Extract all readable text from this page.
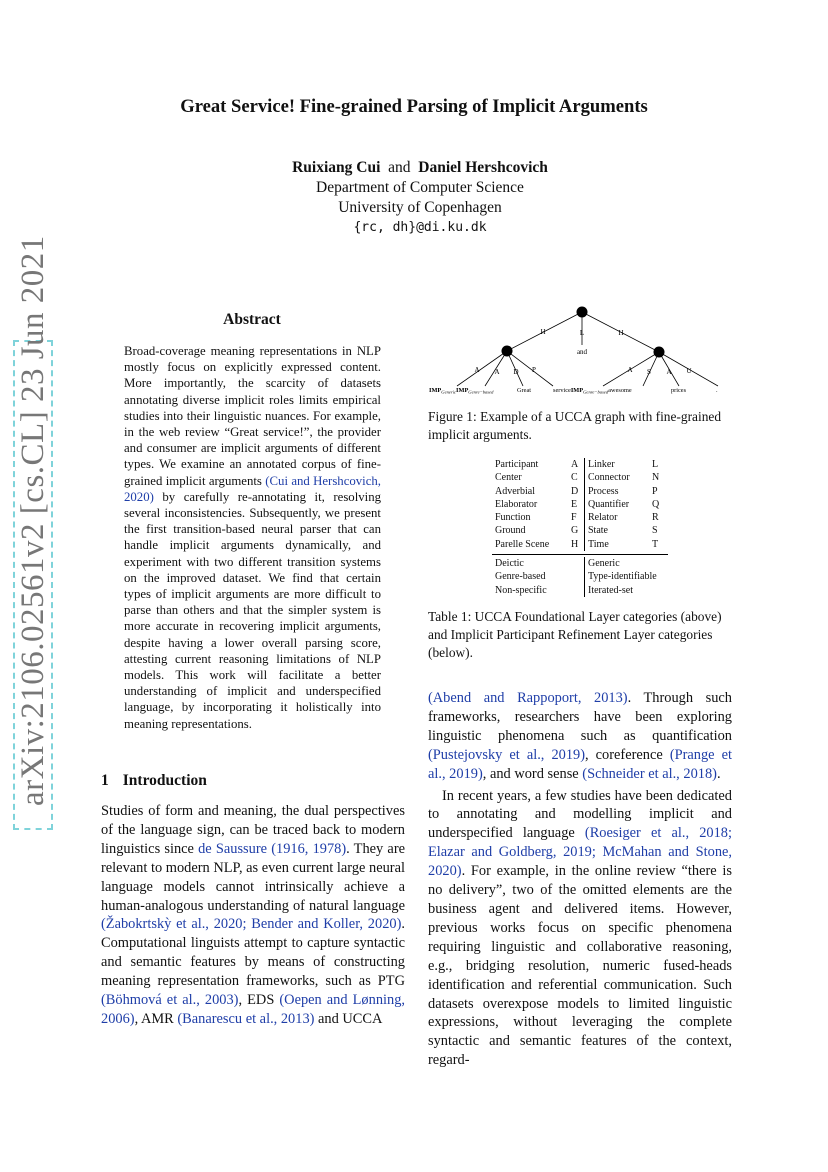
arXiv:2106.02561v2 [cs.CL] 23 Jun 2021
Great Service! Fine-grained Parsing of Implicit Arguments
Ruixiang Cui and Daniel Hershcovich
Department of Computer Science
University of Copenhagen
{rc, dh}@di.ku.dk
Abstract
Broad-coverage meaning representations in NLP mostly focus on explicitly expressed content. More importantly, the scarcity of datasets annotating diverse implicit roles limits empirical studies into their linguistic nuances. For example, in the web review “Great service!”, the provider and consumer are implicit arguments of different types. We examine an annotated corpus of fine-grained implicit arguments (Cui and Hershcovich, 2020) by carefully re-annotating it, resolving several inconsistencies. Subsequently, we present the first transition-based neural parser that can handle implicit arguments dynamically, and experiment with two different transition systems on the improved dataset. We find that certain types of implicit arguments are more difficult to parse than others and that the simpler system is more accurate in recovering implicit arguments, despite having a lower overall parsing score, attesting current reasoning limitations of NLP models. This work will facilitate a better understanding of implicit and underspecified language, by incorporating it holistically into meaning representations.
1 Introduction
Studies of form and meaning, the dual perspectives of the language sign, can be traced back to modern linguistics since de Saussure (1916, 1978). They are relevant to modern NLP, as even current large neural language models cannot intrinsically achieve a human-analogous understanding of natural language (Žabokrtskỳ et al., 2020; Bender and Koller, 2020). Computational linguists attempt to capture syntactic and semantic features by means of constructing meaning representation frameworks, such as PTG (Böhmová et al., 2003), EDS (Oepen and Lønning, 2006), AMR (Banarescu et al., 2013) and UCCA
H	L	H
and
A A D P	A S A U
$IMP_{Generic}IMP_{Genre-based}$	Great	serviceIMP$_{Genre-based}$awesome	prices	.
Figure 1: Example of a UCCA graph with fine-grained implicit arguments.
Participant	A	Linker	L
Center	C	Connector	N
Adverbial	D	Process	P
Elaborator	E	Quantifier	Q
Function	F	Relator	R
Ground	G	State	S
Parelle Scene	H	Time	T
Deictic	Generic
Genre-based	Type-identifiable
Non-specific	Iterated-set
Table 1: UCCA Foundational Layer categories (above) and Implicit Participant Refinement Layer categories (below).

(Abend and Rappoport, 2013). Through such frameworks, researchers have been exploring linguistic phenomena such as quantification (Pustejovsky et al., 2019), coreference (Prange et al., 2019), and word sense (Schneider et al., 2018).

In recent years, a few studies have been dedicated to annotating and modelling implicit and underspecified language (Roesiger et al., 2018; Elazar and Goldberg, 2019; McMahan and Stone, 2020). For example, in the online review “there is no delivery”, two of the omitted elements are the business agent and delivered items. However, previous works focus on specific phenomena requiring linguistic and collaborative reasoning, e.g., bridging resolution, numeric fused-heads identification and referential communication. Such datasets overexpose models to limited linguistic expressions, without leveraging the complete syntactic and semantic features of the context, regard-
